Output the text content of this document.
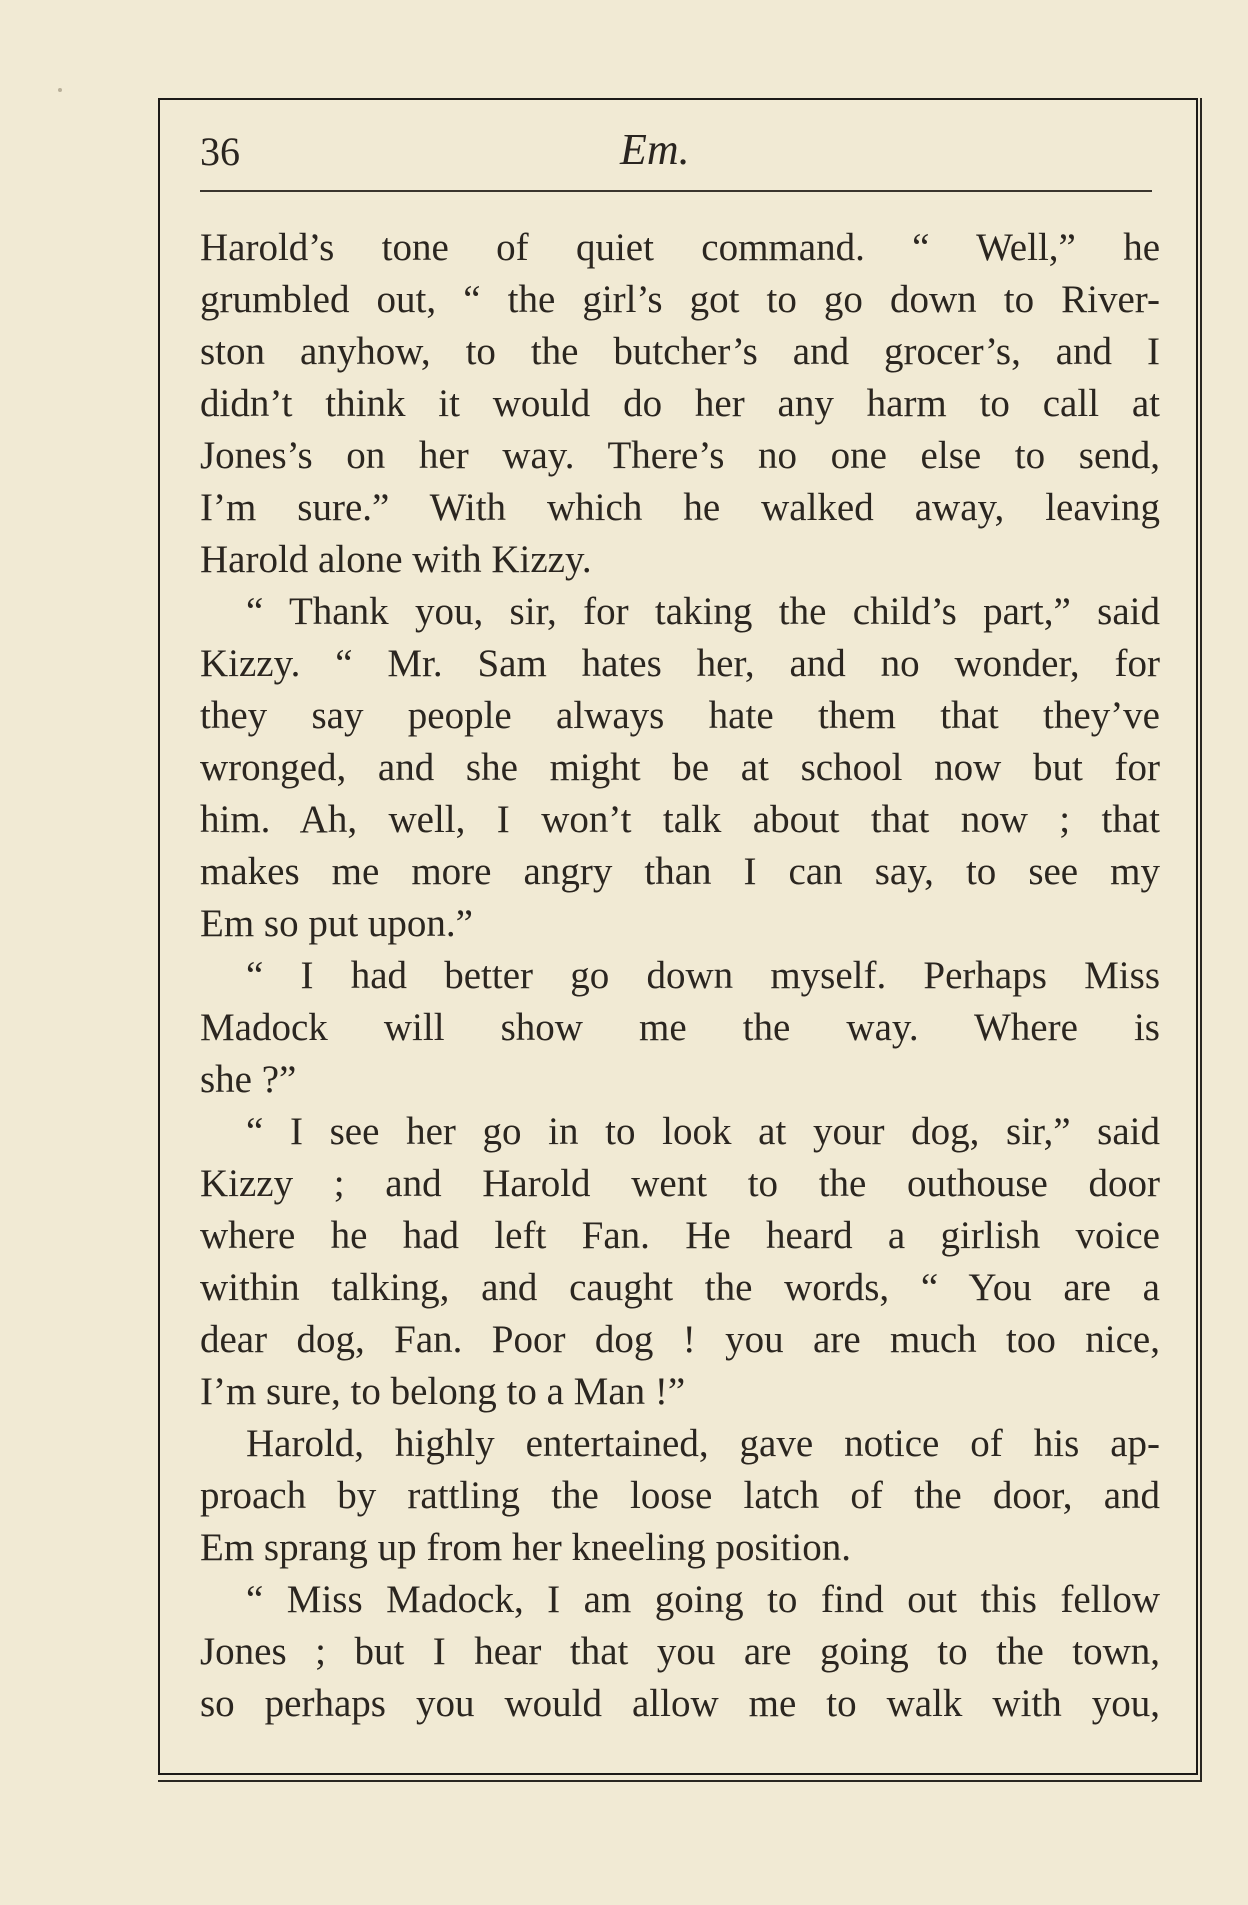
36	Em.
Harold’s tone of quiet command. “ Well,” he
grumbled out, “ the girl’s got to go down to River-
ston anyhow, to the butcher’s and grocer’s, and I
didn’t think it would do her any harm to call at
Jones’s on her way. There’s no one else to send,
I’m sure.” With which he walked away, leaving
Harold alone with Kizzy.
“ Thank you, sir, for taking the child’s part,” said
Kizzy. “ Mr. Sam hates her, and no wonder, for
they say people always hate them that they’ve
wronged, and she might be at school now but for
him. Ah, well, I won’t talk about that now ; that
makes me more angry than I can say, to see my
Em so put upon.”
“ I had better go down myself. Perhaps Miss
Madock will show me the way. Where is
she ?”
“ I see her go in to look at your dog, sir,” said
Kizzy ; and Harold went to the outhouse door
where he had left Fan. He heard a girlish voice
within talking, and caught the words, “ You are a
dear dog, Fan. Poor dog ! you are much too nice,
I’m sure, to belong to a Man !”
Harold, highly entertained, gave notice of his ap-
proach by rattling the loose latch of the door, and
Em sprang up from her kneeling position.
“ Miss Madock, I am going to find out this fellow
Jones ; but I hear that you are going to the town,
so perhaps you would allow me to walk with you,
